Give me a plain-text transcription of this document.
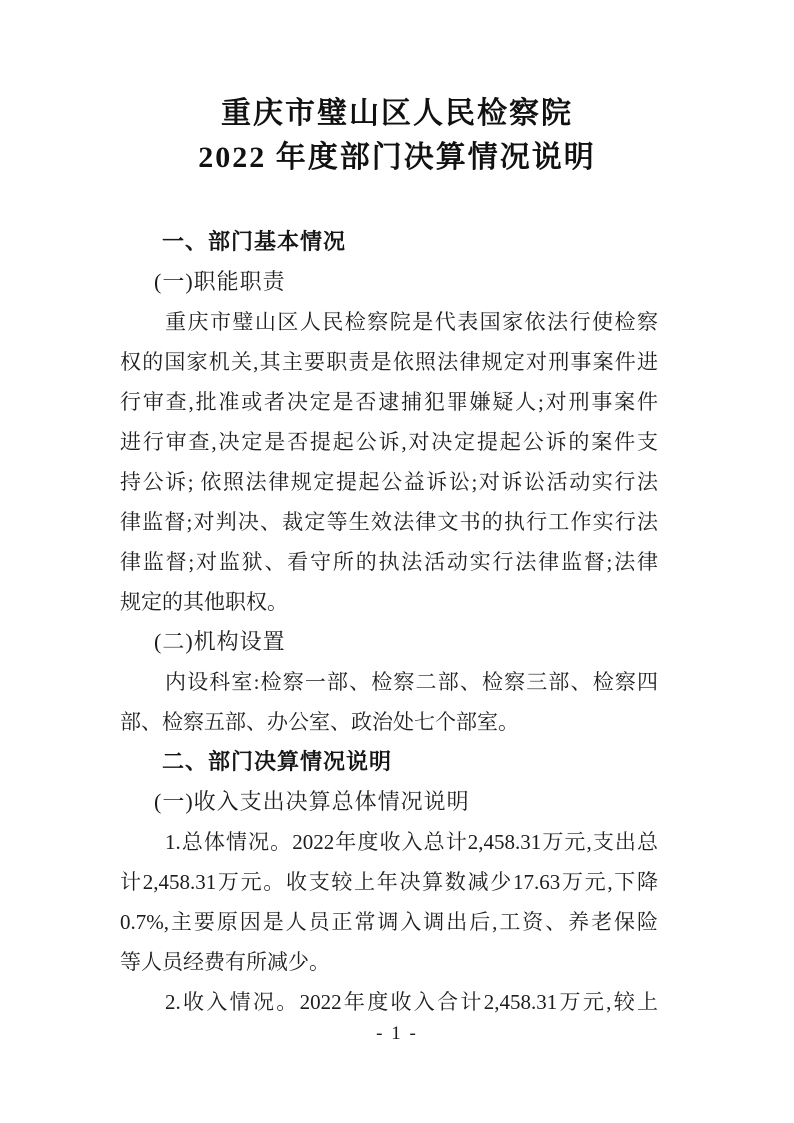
重庆市璧山区人民检察院
2022 年度部门决算情况说明
一、部门基本情况
(一)职能职责
重庆市璧山区人民检察院是代表国家依法行使检察
权的国家机关,其主要职责是依照法律规定对刑事案件进
行审查,批准或者决定是否逮捕犯罪嫌疑人;对刑事案件
进行审查,决定是否提起公诉,对决定提起公诉的案件支
持公诉; 依照法律规定提起公益诉讼;对诉讼活动实行法
律监督;对判决、裁定等生效法律文书的执行工作实行法
律监督;对监狱、看守所的执法活动实行法律监督;法律
规定的其他职权。
(二)机构设置
内设科室:检察一部、检察二部、检察三部、检察四
部、检察五部、办公室、政治处七个部室。
二、部门决算情况说明
(一)收入支出决算总体情况说明
1.总体情况。2022年度收入总计2,458.31万元,支出总
计2,458.31万元。收支较上年决算数减少17.63万元,下降
0.7%,主要原因是人员正常调入调出后,工资、养老保险
等人员经费有所减少。
2.收入情况。2022年度收入合计2,458.31万元,较上
- 1 -
